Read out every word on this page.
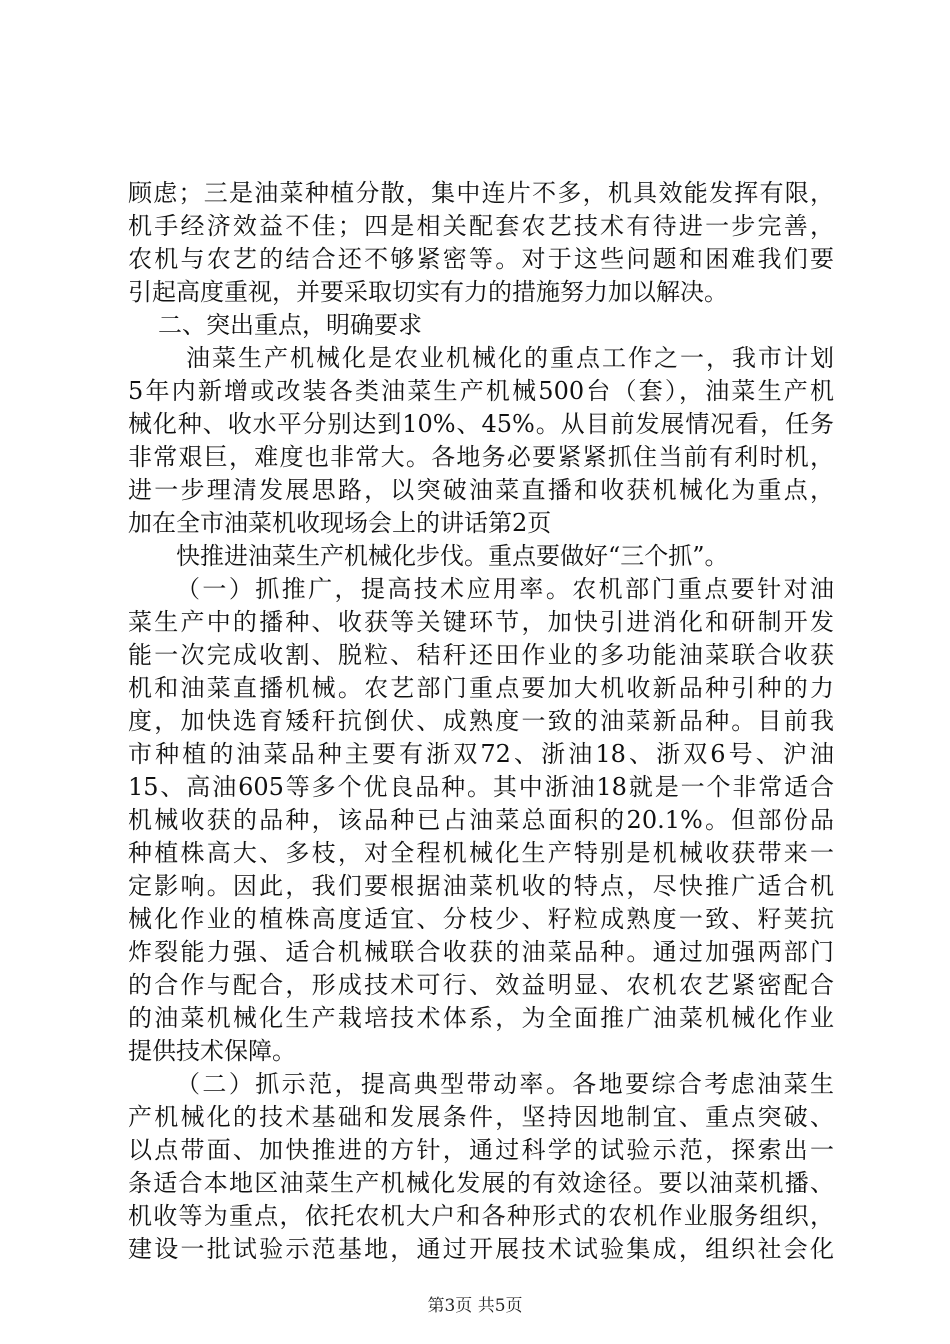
顾虑；三是油菜种植分散，集中连片不多，机具效能发挥有限，
机手经济效益不佳；四是相关配套农艺技术有待进一步完善，
农机与农艺的结合还不够紧密等。对于这些问题和困难我们要
引起高度重视，并要采取切实有力的措施努力加以解决。
二、突出重点，明确要求
油菜生产机械化是农业机械化的重点工作之一，我市计划
5年内新增或改装各类油菜生产机械500台（套），油菜生产机
械化种、收水平分别达到10%、45%。从目前发展情况看，任务
非常艰巨，难度也非常大。各地务必要紧紧抓住当前有利时机，
进一步理清发展思路，以突破油菜直播和收获机械化为重点，
加在全市油菜机收现场会上的讲话第2页
快推进油菜生产机械化步伐。重点要做好“三个抓”。
（一）抓推广，提高技术应用率。农机部门重点要针对油
菜生产中的播种、收获等关键环节，加快引进消化和研制开发
能一次完成收割、脱粒、秸秆还田作业的多功能油菜联合收获
机和油菜直播机械。农艺部门重点要加大机收新品种引种的力
度，加快选育矮秆抗倒伏、成熟度一致的油菜新品种。目前我
市种植的油菜品种主要有浙双72、浙油18、浙双6号、沪油
15、高油605等多个优良品种。其中浙油18就是一个非常适合
机械收获的品种，该品种已占油菜总面积的20.1%。但部份品
种植株高大、多枝，对全程机械化生产特别是机械收获带来一
定影响。因此，我们要根据油菜机收的特点，尽快推广适合机
械化作业的植株高度适宜、分枝少、籽粒成熟度一致、籽荚抗
炸裂能力强、适合机械联合收获的油菜品种。通过加强两部门
的合作与配合，形成技术可行、效益明显、农机农艺紧密配合
的油菜机械化生产栽培技术体系，为全面推广油菜机械化作业
提供技术保障。
（二）抓示范，提高典型带动率。各地要综合考虑油菜生
产机械化的技术基础和发展条件，坚持因地制宜、重点突破、
以点带面、加快推进的方针，通过科学的试验示范，探索出一
条适合本地区油菜生产机械化发展的有效途径。要以油菜机播、
机收等为重点，依托农机大户和各种形式的农机作业服务组织，
建设一批试验示范基地，通过开展技术试验集成，组织社会化
第3页 共5页
